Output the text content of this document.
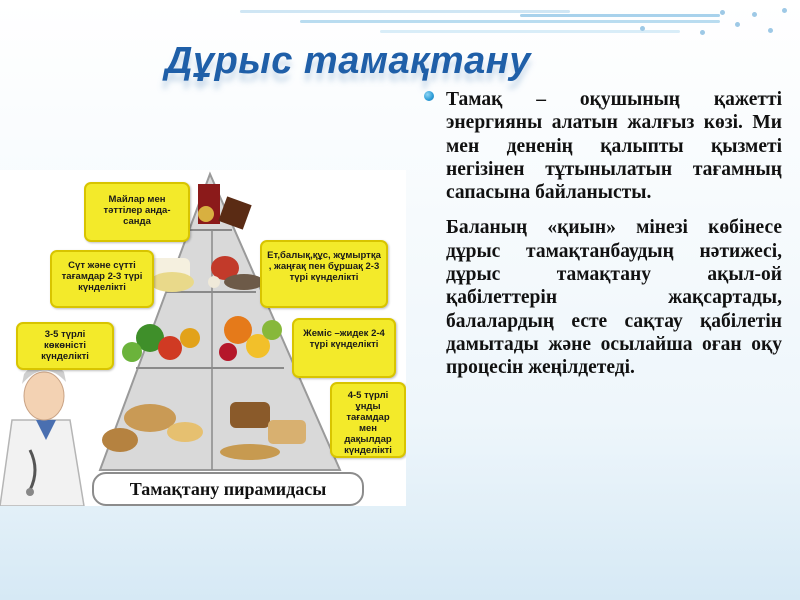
Дұрыс тамақтану
Майлар мен тәттілер анда-санда
Сүт және сүтті тағамдар 2-3 түрі күнделікті
Ет,балық,құс, жұмыртқа , жаңғақ пен бұршақ 2-3 түрі күнделікті
3-5 түрлі көкөністі күнделікті
Жеміс –жидек 2-4 түрі күнделікті
4-5 түрлі ұнды тағамдар мен дақылдар күнделікті
Тамақтану пирамидасы

Тамақ – оқушының қажетті энергияны алатын жалғыз көзі. Ми мен дененің қалыпты қызметі негізінен тұтынылатын тағамның сапасына байланысты.

Баланың «қиын» мінезі көбінесе дұрыс тамақтанбаудың нәтижесі, дұрыс тамақтану ақыл-ой қабілеттерін жақсартады, балалардың есте сақтау қабілетін дамытады және осылайша оған оқу процесін жеңілдетеді.
